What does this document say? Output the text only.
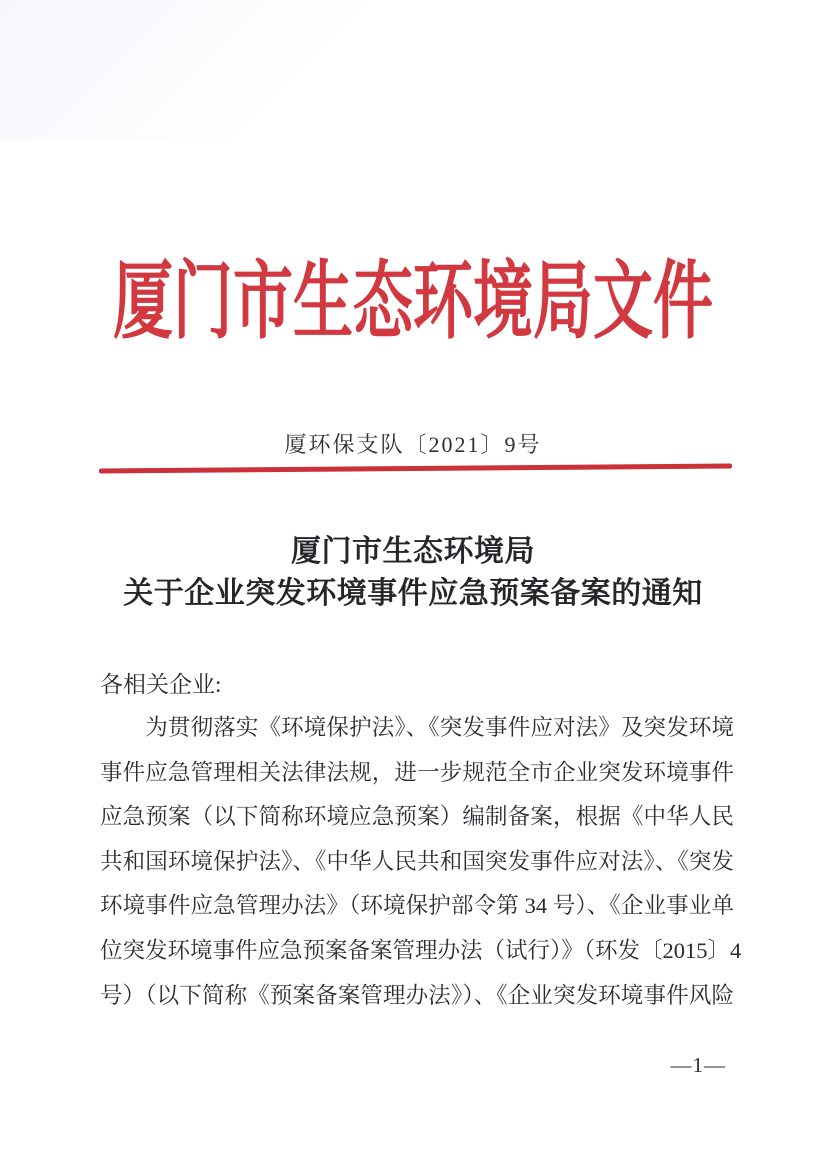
厦门市生态环境局文件
厦环保支队〔2021〕9号
厦门市生态环境局
关于企业突发环境事件应急预案备案的通知
各相关企业:
　　为贯彻落实《环境保护法》、《突发事件应对法》及突发环境
事件应急管理相关法律法规，进一步规范全市企业突发环境事件
应急预案（以下简称环境应急预案）编制备案，根据《中华人民
共和国环境保护法》、《中华人民共和国突发事件应对法》、《突发
环境事件应急管理办法》（环境保护部令第 34 号）、《企业事业单
位突发环境事件应急预案备案管理办法（试行）》（环发〔2015〕4
号）（以下简称《预案备案管理办法》）、《企业突发环境事件风险
—1—
